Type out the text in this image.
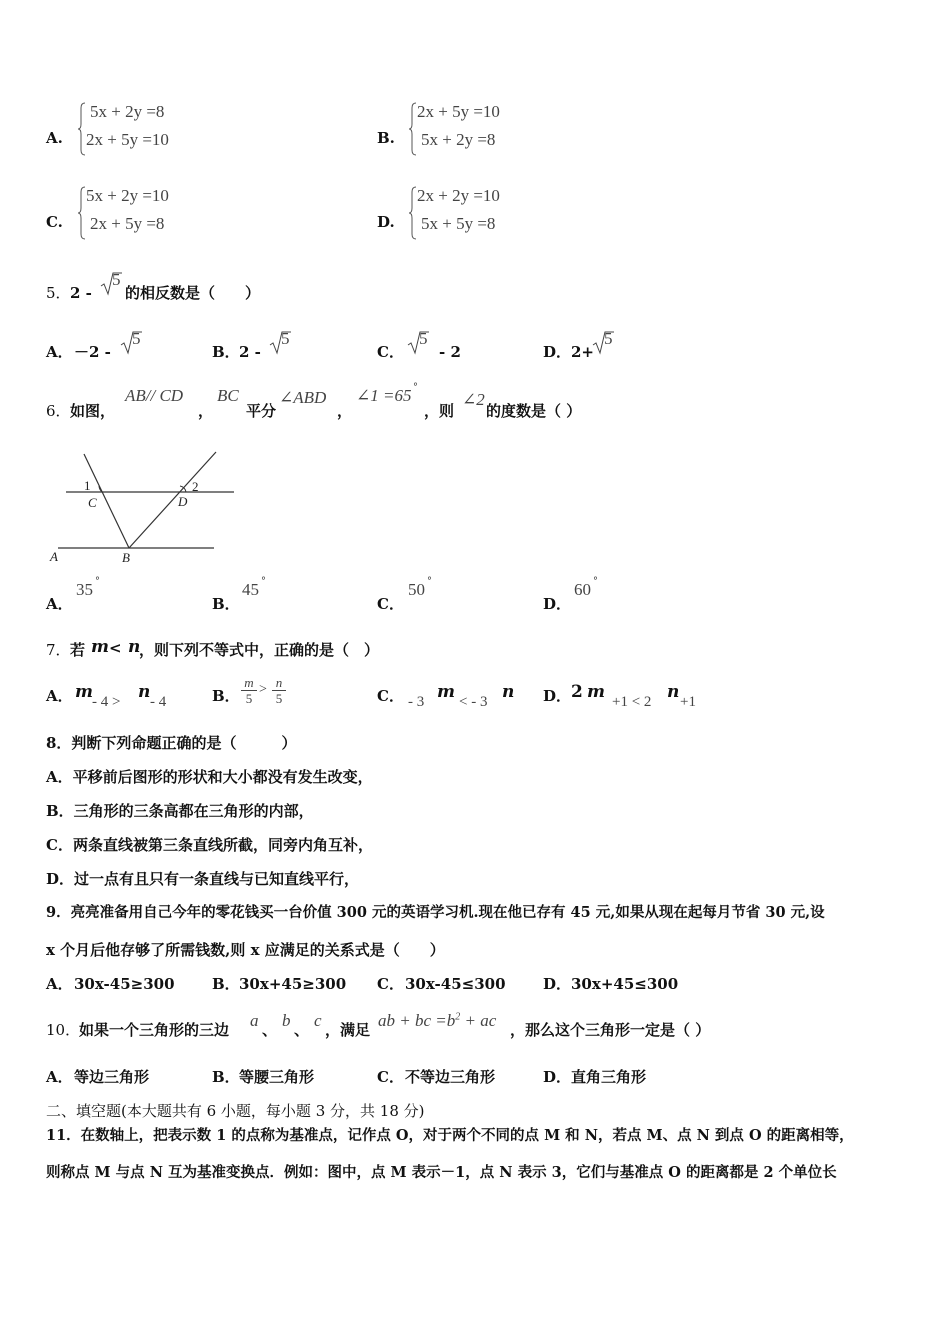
A.
5x + 2y =8
2x + 5y =10	B.
2x + 5y =10
5x + 2y =8
C.
5x + 2y =10
2x + 5y =8	D.
2x + 2y =10
5x + 5y =8
5． 2 -
5
的相反数是（　　）
A． －2 -
5
B． 2 -
5
C．
5
- 2	D． 2+
5
6． 如图，
AB// CD
，
BC
平分
∠ABD
，
∠1 =65 °
，则
∠2
的度数是（ ）
1	2
C	D
A	B
A．
35 °
B．
45 °
C．
50 °
D．
60 °
7． 若 m < n
，则下列不等式中，正确的是（　）
A． m - 4 > n - 4	B． $\frac{m}{5} > \frac{n}{5}$	C． - 3 m < - 3 n D． 2 m +1 < 2 n +1
8．判断下列命题正确的是（　　　）
A．平移前后图形的形状和大小都没有发生改变，
B．三角形的三条高都在三角形的内部，
C．两条直线被第三条直线所截，同旁内角互补，
D．过一点有且只有一条直线与已知直线平行，
9．亮亮准备用自己今年的零花钱买一台价值 300 元的英语学习机.现在他已存有 45 元,如果从现在起每月节省 30 元,设
x 个月后他存够了所需钱数,则 x 应满足的关系式是（　　）
A． 30x-45≥300 B． 30x+45≥300 C． 30x-45≤300 D． 30x+45≤300
10．
如果一个三角形的三边 a 、 b 、 c ，满足 ab + bc $=b^2$ + ac ，那么这个三角形一定是（ ）
A． 等边三角形	B． 等腰三角形	C． 不等边三角形	D． 直角三角形
二、填空题(本大题共有 6 小题，每小题 3 分，共 18 分)
11．在数轴上，把表示数 1 的点称为基准点，记作点 O，对于两个不同的点 M 和 N，若点 M、点 N 到点 O 的距离相等，
则称点 M 与点 N 互为基准变换点．例如：图中，点 M 表示－1，点 N 表示 3，它们与基准点 O 的距离都是 2 个单位长
